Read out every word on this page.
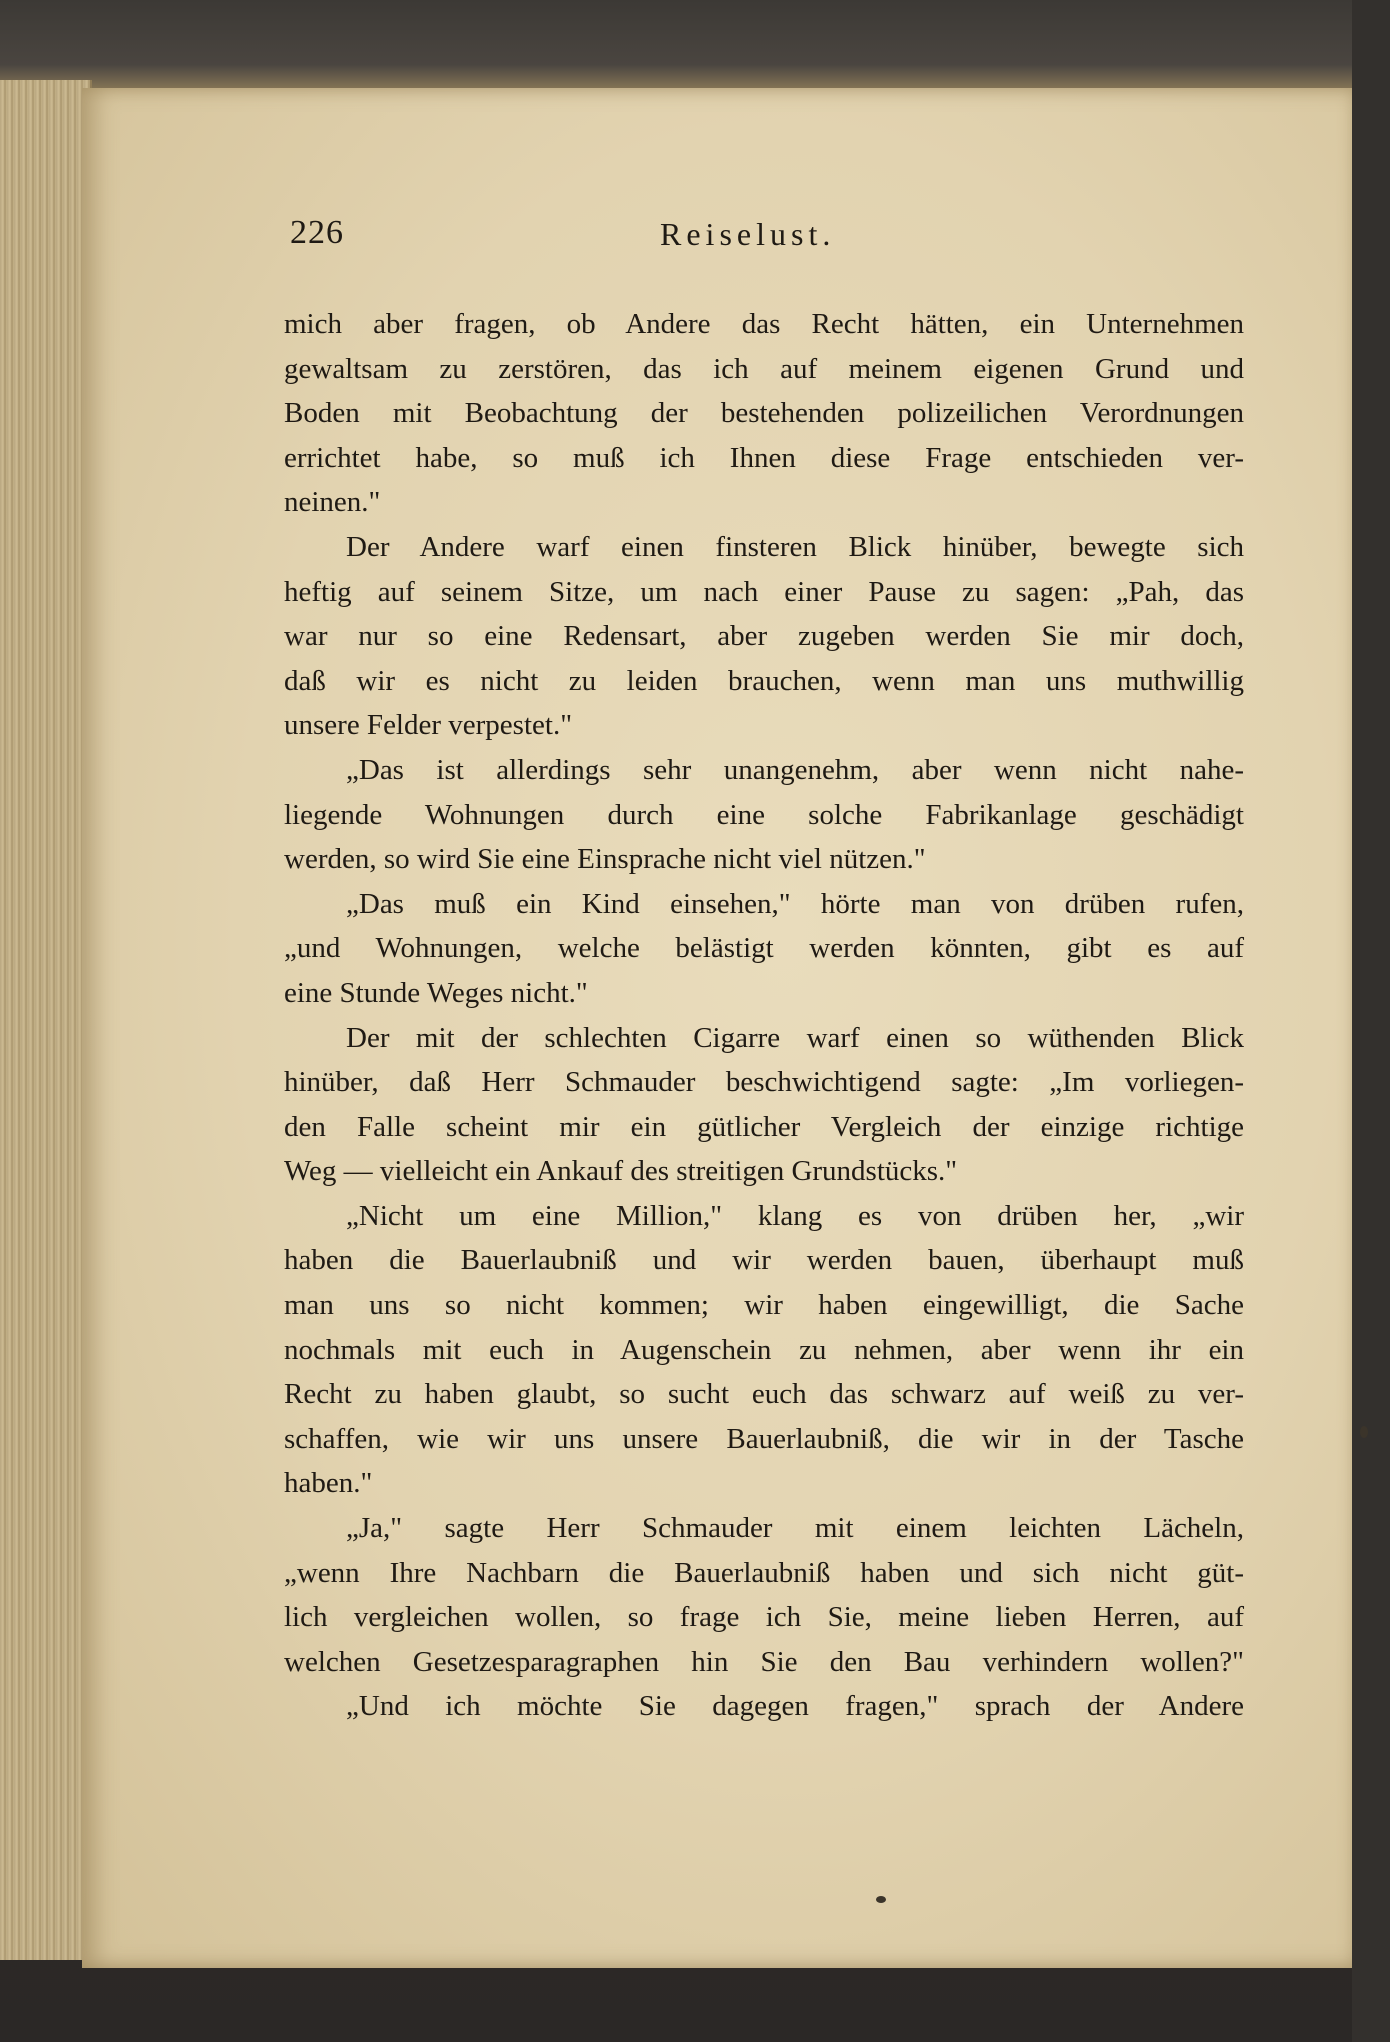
226	Reiselust.
mich aber fragen, ob Andere das Recht hätten, ein Unternehmen
gewaltsam zu zerstören, das ich auf meinem eigenen Grund und
Boden mit Beobachtung der bestehenden polizeilichen Verordnungen
errichtet habe, so muß ich Ihnen diese Frage entschieden ver-
neinen."
Der Andere warf einen finsteren Blick hinüber, bewegte sich
heftig auf seinem Sitze, um nach einer Pause zu sagen: „Pah, das
war nur so eine Redensart, aber zugeben werden Sie mir doch,
daß wir es nicht zu leiden brauchen, wenn man uns muthwillig
unsere Felder verpestet."
„Das ist allerdings sehr unangenehm, aber wenn nicht nahe-
liegende Wohnungen durch eine solche Fabrikanlage geschädigt
werden, so wird Sie eine Einsprache nicht viel nützen."
„Das muß ein Kind einsehen," hörte man von drüben rufen,
„und Wohnungen, welche belästigt werden könnten, gibt es auf
eine Stunde Weges nicht."
Der mit der schlechten Cigarre warf einen so wüthenden Blick
hinüber, daß Herr Schmauder beschwichtigend sagte: „Im vorliegen-
den Falle scheint mir ein gütlicher Vergleich der einzige richtige
Weg — vielleicht ein Ankauf des streitigen Grundstücks."
„Nicht um eine Million," klang es von drüben her, „wir
haben die Bauerlaubniß und wir werden bauen, überhaupt muß
man uns so nicht kommen; wir haben eingewilligt, die Sache
nochmals mit euch in Augenschein zu nehmen, aber wenn ihr ein
Recht zu haben glaubt, so sucht euch das schwarz auf weiß zu ver-
schaffen, wie wir uns unsere Bauerlaubniß, die wir in der Tasche
haben."
„Ja," sagte Herr Schmauder mit einem leichten Lächeln,
„wenn Ihre Nachbarn die Bauerlaubniß haben und sich nicht güt-
lich vergleichen wollen, so frage ich Sie, meine lieben Herren, auf
welchen Gesetzesparagraphen hin Sie den Bau verhindern wollen?"
„Und ich möchte Sie dagegen fragen," sprach der Andere
